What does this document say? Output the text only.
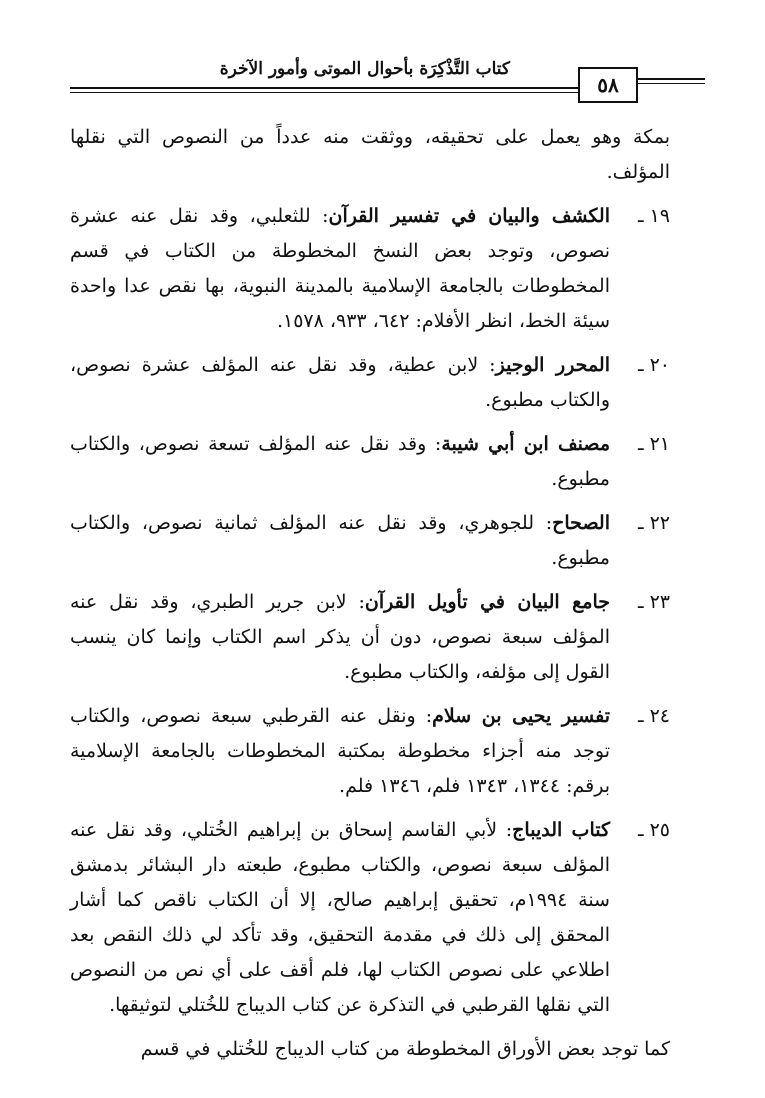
كتاب التَّذْكِرَة بأحوال الموتى وأمور الآخرة
٥٨

بمكة وهو يعمل على تحقيقه، ووثقت منه عدداً من النصوص التي نقلها المؤلف.

١٩ ـ
الكشف والبيان في تفسير القرآن: للثعلبي، وقد نقل عنه عشرة نصوص، وتوجد بعض النسخ المخطوطة من الكتاب في قسم المخطوطات بالجامعة الإسلامية بالمدينة النبوية، بها نقص عدا واحدة سيئة الخط، انظر الأفلام: ٦٤٢، ٩٣٣، ١٥٧٨.
٢٠ ـ
المحرر الوجيز: لابن عطية، وقد نقل عنه المؤلف عشرة نصوص، والكتاب مطبوع.
٢١ ـ
مصنف ابن أبي شيبة: وقد نقل عنه المؤلف تسعة نصوص، والكتاب مطبوع.
٢٢ ـ
الصحاح: للجوهري، وقد نقل عنه المؤلف ثمانية نصوص، والكتاب مطبوع.
٢٣ ـ
جامع البيان في تأويل القرآن: لابن جرير الطبري، وقد نقل عنه المؤلف سبعة نصوص، دون أن يذكر اسم الكتاب وإنما كان ينسب القول إلى مؤلفه، والكتاب مطبوع.
٢٤ ـ
تفسير يحيى بن سلام: ونقل عنه القرطبي سبعة نصوص، والكتاب توجد منه أجزاء مخطوطة بمكتبة المخطوطات بالجامعة الإسلامية برقم: ١٣٤٤، ١٣٤٣ فلم، ١٣٤٦ فلم.
٢٥ ـ
كتاب الديباج: لأبي القاسم إسحاق بن إبراهيم الخُتلي، وقد نقل عنه المؤلف سبعة نصوص، والكتاب مطبوع، طبعته دار البشائر بدمشق سنة ١٩٩٤م، تحقيق إبراهيم صالح، إلا أن الكتاب ناقص كما أشار المحقق إلى ذلك في مقدمة التحقيق، وقد تأكد لي ذلك النقص بعد اطلاعي على نصوص الكتاب لها، فلم أقف على أي نص من النصوص التي نقلها القرطبي في التذكرة عن كتاب الديباج للخُتلي لتوثيقها.

كما توجد بعض الأوراق المخطوطة من كتاب الديباج للخُتلي في قسم
